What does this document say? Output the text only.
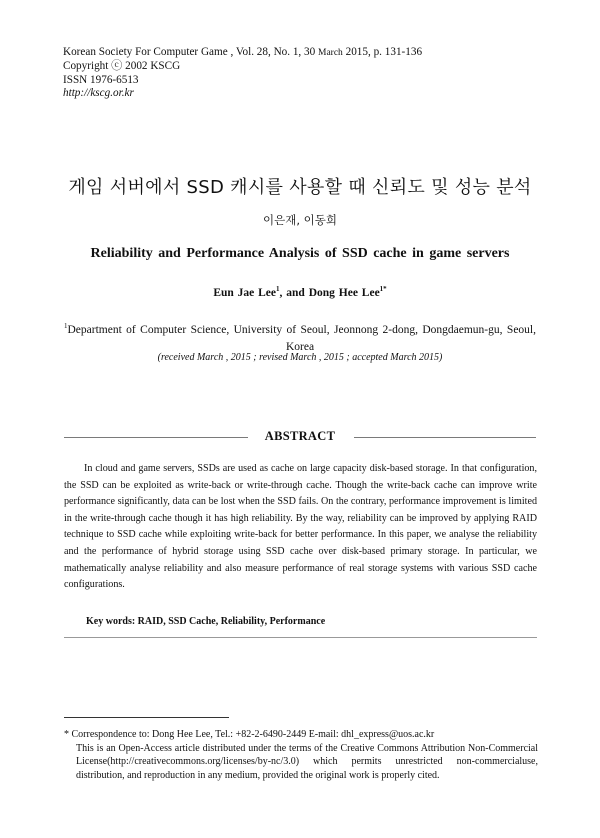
Korean Society For Computer Game , Vol. 28, No. 1, 30 March 2015, p. 131-136
Copyright ⓒ 2002 KSCG
ISSN 1976-6513
http://kscg.or.kr
게임 서버에서 SSD 캐시를 사용할 때 신뢰도 및 성능 분석
이은재, 이동희
Reliability and Performance Analysis of SSD cache in game servers
Eun Jae Lee$^1$, and Dong Hee Lee$^{1*}$
$^1$Department of Computer Science, University of Seoul, Jeonnong 2-dong, Dongdaemun-gu, Seoul, Korea
(received March , 2015 ; revised March , 2015 ; accepted March 2015)
ABSTRACT
In cloud and game servers, SSDs are used as cache on large capacity disk-based storage. In that configuration, the SSD can be exploited as write-back or write-through cache. Though the write-back cache can improve write performance significantly, data can be lost when the SSD fails. On the contrary, performance improvement is limited in the write-through cache though it has high reliability. By the way, reliability can be improved by applying RAID technique to SSD cache while exploiting write-back for better performance. In this paper, we analyse the reliability and the performance of hybrid storage using SSD cache over disk-based primary storage. In particular, we mathematically analyse reliability and also measure performance of real storage systems with various SSD cache configurations.
Key words: RAID, SSD Cache, Reliability, Performance
* Correspondence to: Dong Hee Lee, Tel.: +82-2-6490-2449 E-mail: dhl_express@uos.ac.kr
This is an Open-Access article distributed under the terms of the Creative Commons Attribution Non-Commercial License(http://creativecommons.org/licenses/by-nc/3.0) which permits unrestricted non-commercialuse, distribution, and reproduction in any medium, provided the original work is properly cited.
